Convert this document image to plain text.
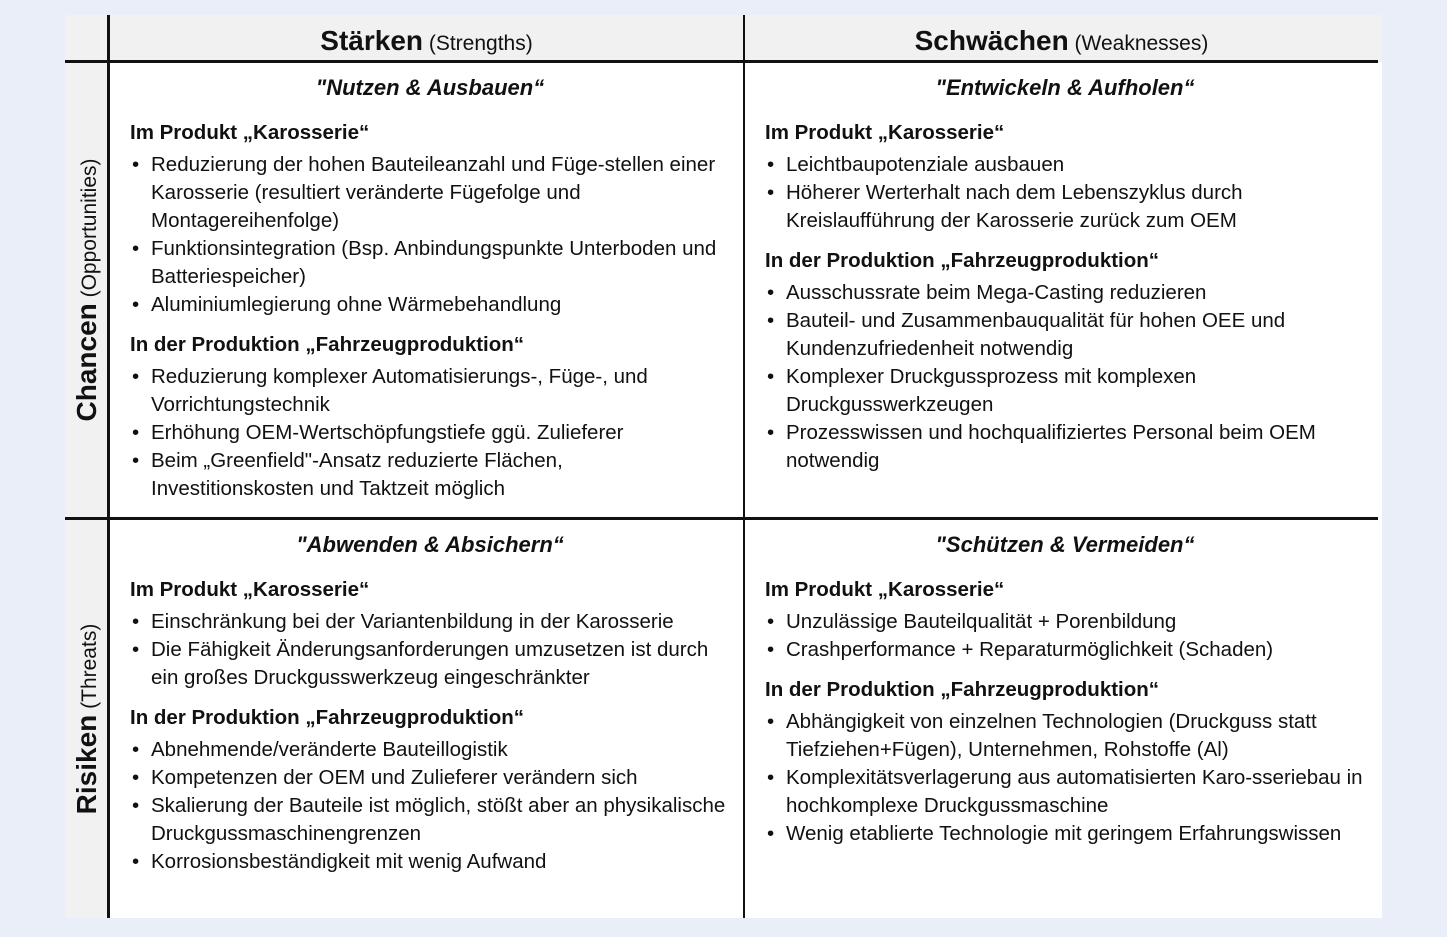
Stärken (Strengths)	Schwächen (Weaknesses)
Chancen (Opportunities)
Risiken (Threats)
"Nutzen & Ausbauen“
Im Produkt „Karosserie“
• Reduzierung der hohen Bauteileanzahl und Füge-stellen einer Karosserie (resultiert veränderte Fügefolge und Montagereihenfolge)
• Funktionsintegration (Bsp. Anbindungspunkte Unterboden und Batteriespeicher)
• Aluminiumlegierung ohne Wärmebehandlung
In der Produktion „Fahrzeugproduktion“
• Reduzierung komplexer Automatisierungs-, Füge-, und Vorrichtungstechnik
• Erhöhung OEM-Wertschöpfungstiefe ggü. Zulieferer
• Beim „Greenfield"-Ansatz reduzierte Flächen, Investitionskosten und Taktzeit möglich
"Entwickeln & Aufholen“
Im Produkt „Karosserie“
• Leichtbaupotenziale ausbauen
• Höherer Werterhalt nach dem Lebenszyklus durch Kreislaufführung der Karosserie zurück zum OEM
In der Produktion „Fahrzeugproduktion“
• Ausschussrate beim Mega-Casting reduzieren
• Bauteil- und Zusammenbauqualität für hohen OEE und Kundenzufriedenheit notwendig
• Komplexer Druckgussprozess mit komplexen Druckgusswerkzeugen
• Prozesswissen und hochqualifiziertes Personal beim OEM notwendig
"Abwenden & Absichern“
Im Produkt „Karosserie“
• Einschränkung bei der Variantenbildung in der Karosserie
• Die Fähigkeit Änderungsanforderungen umzusetzen ist durch ein großes Druckgusswerkzeug eingeschränkter
In der Produktion „Fahrzeugproduktion“
• Abnehmende/veränderte Bauteillogistik
• Kompetenzen der OEM und Zulieferer verändern sich
• Skalierung der Bauteile ist möglich, stößt aber an physikalische Druckgussmaschinengrenzen
• Korrosionsbeständigkeit mit wenig Aufwand
"Schützen & Vermeiden“
Im Produkt „Karosserie“
• Unzulässige Bauteilqualität + Porenbildung
• Crashperformance + Reparaturmöglichkeit (Schaden)
In der Produktion „Fahrzeugproduktion“
• Abhängigkeit von einzelnen Technologien (Druckguss statt Tiefziehen+Fügen), Unternehmen, Rohstoffe (Al)
• Komplexitätsverlagerung aus automatisierten Karo-sseriebau in hochkomplexe Druckgussmaschine
• Wenig etablierte Technologie mit geringem Erfahrungswissen
